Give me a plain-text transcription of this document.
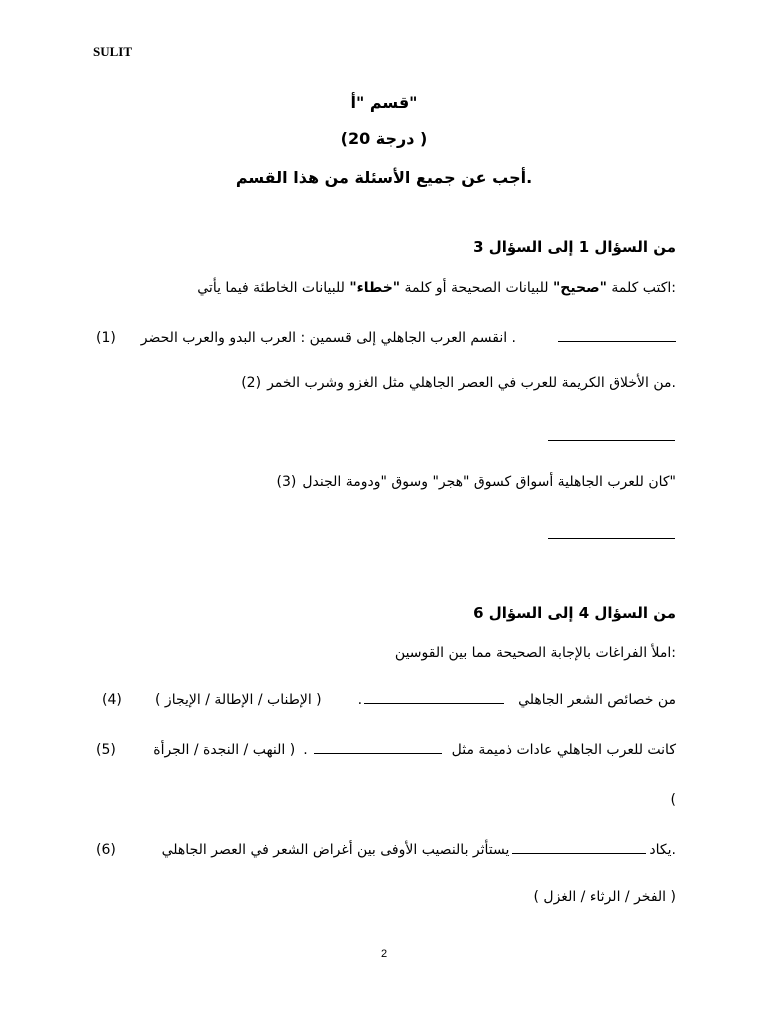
SULIT
"قسم "أ
( درجة 20)
.أجب عن جميع الأسئلة من هذا القسم
من السؤال 1 إلى السؤال 3
:اكتب كلمة "صحيح" للبيانات الصحيحة أو كلمة "خطاء" للبيانات الخاطئة فيما يأتي
. انقسم العرب الجاهلي إلى قسمين : العرب البدو والعرب الحضر
(1)
.من الأخلاق الكريمة للعرب في العصر الجاهلي مثل الغزو وشرب الخمر
(2)
"كان للعرب الجاهلية أسواق كسوق "هجر" وسوق "ودومة الجندل
(3)
من السؤال 4 إلى السؤال 6
:املأ الفراغات بالإجابة الصحيحة مما بين القوسين
من خصائص الشعر الجاهلي
.
( الإطناب / الإطالة / الإيجاز )
(4)
كانت للعرب الجاهلي عادات ذميمة مثل
.
( النهب / النجدة / الجرأة
(5)
)
.يكاد
يستأثر بالنصيب الأوفى بين أغراض الشعر في العصر الجاهلي
(6)
( الفخر / الرثاء / الغزل )
2
